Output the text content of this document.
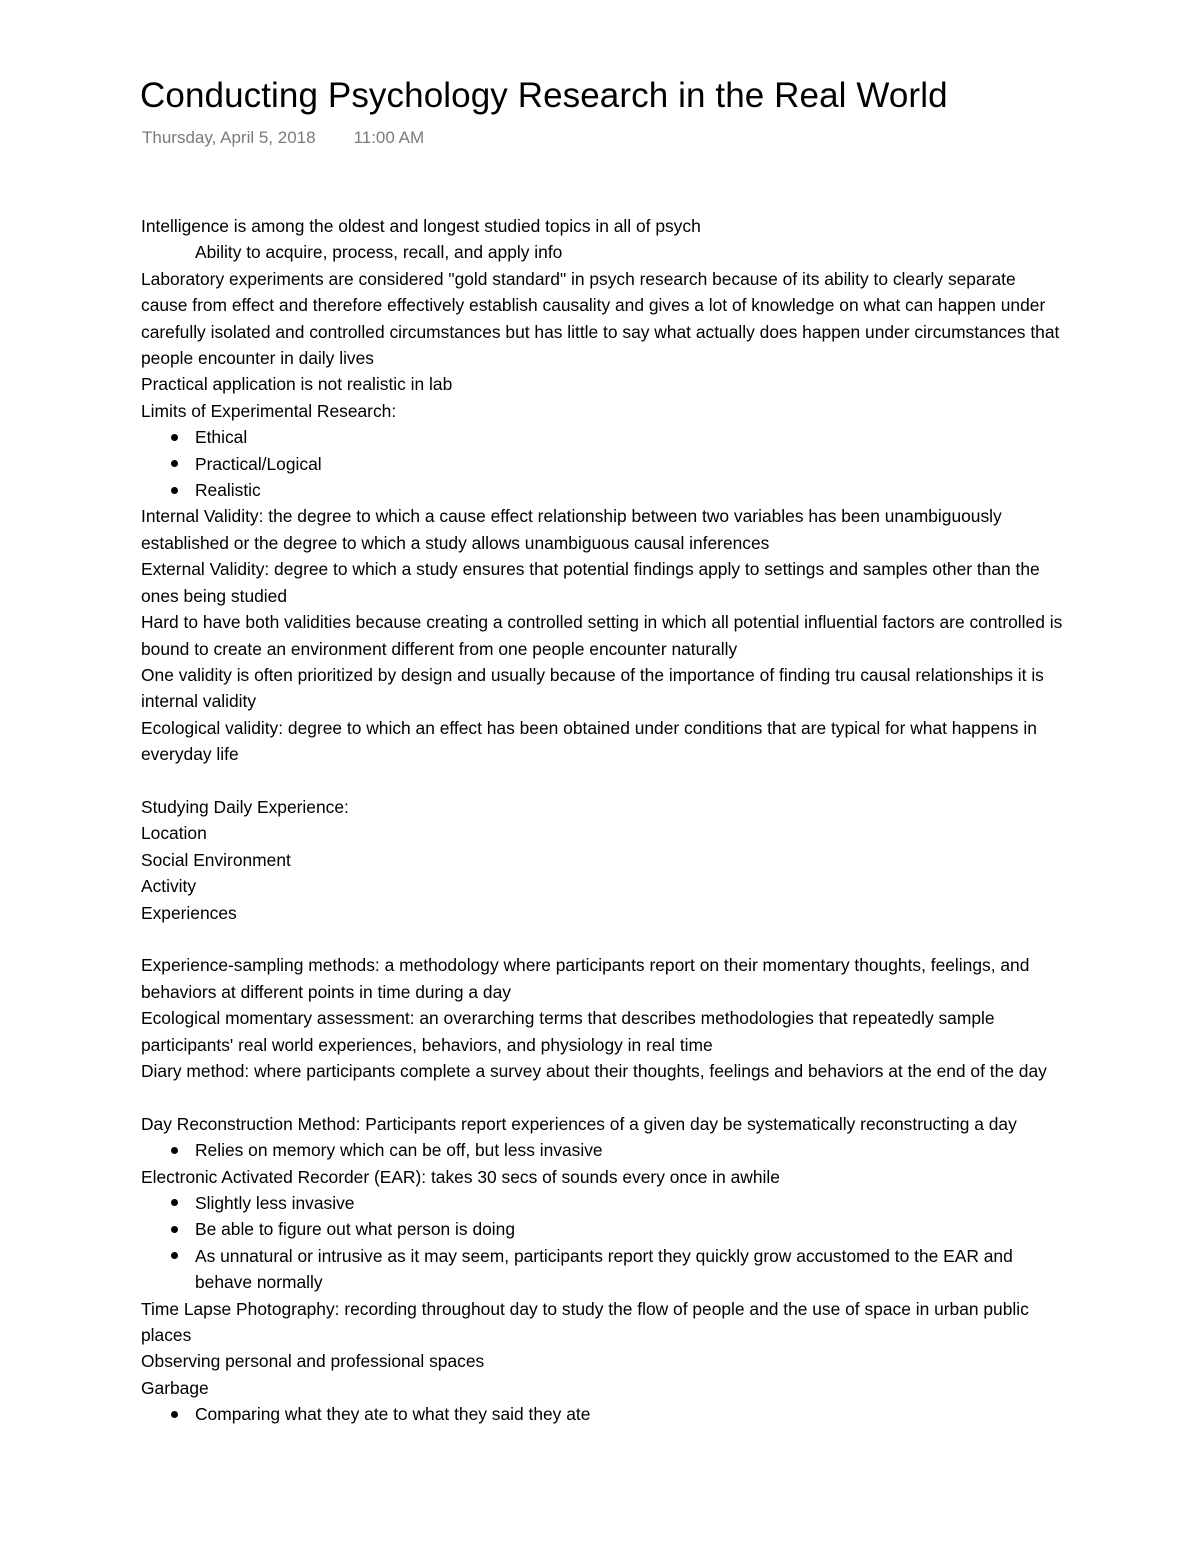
Conducting Psychology Research in the Real World
Thursday, April 5, 2018 11:00 AM

Intelligence is among the oldest and longest studied topics in all of psych

Ability to acquire, process, recall, and apply info

Laboratory experiments are considered "gold standard" in psych research because of its ability to clearly separate cause from effect and therefore effectively establish causality and gives a lot of knowledge on what can happen under carefully isolated and controlled circumstances but has little to say what actually does happen under circumstances that people encounter in daily lives

Practical application is not realistic in lab

Limits of Experimental Research:

Ethical
Practical/Logical
Realistic

Internal Validity: the degree to which a cause effect relationship between two variables has been unambiguously established or the degree to which a study allows unambiguous causal inferences

External Validity: degree to which a study ensures that potential findings apply to settings and samples other than the ones being studied

Hard to have both validities because creating a controlled setting in which all potential influential factors are controlled is bound to create an environment different from one people encounter naturally

One validity is often prioritized by design and usually because of the importance of finding tru causal relationships it is internal validity

Ecological validity: degree to which an effect has been obtained under conditions that are typical for what happens in everyday life

Studying Daily Experience:

Location

Social Environment

Activity

Experiences

Experience-sampling methods: a methodology where participants report on their momentary thoughts, feelings, and behaviors at different points in time during a day

Ecological momentary assessment: an overarching terms that describes methodologies that repeatedly sample participants' real world experiences, behaviors, and physiology in real time

Diary method: where participants complete a survey about their thoughts, feelings and behaviors at the end of the day

Day Reconstruction Method: Participants report experiences of a given day be systematically reconstructing a day

Relies on memory which can be off, but less invasive

Electronic Activated Recorder (EAR): takes 30 secs of sounds every once in awhile

Slightly less invasive
Be able to figure out what person is doing
As unnatural or intrusive as it may seem, participants report they quickly grow accustomed to the EAR and behave normally

Time Lapse Photography: recording throughout day to study the flow of people and the use of space in urban public places

Observing personal and professional spaces

Garbage

Comparing what they ate to what they said they ate
